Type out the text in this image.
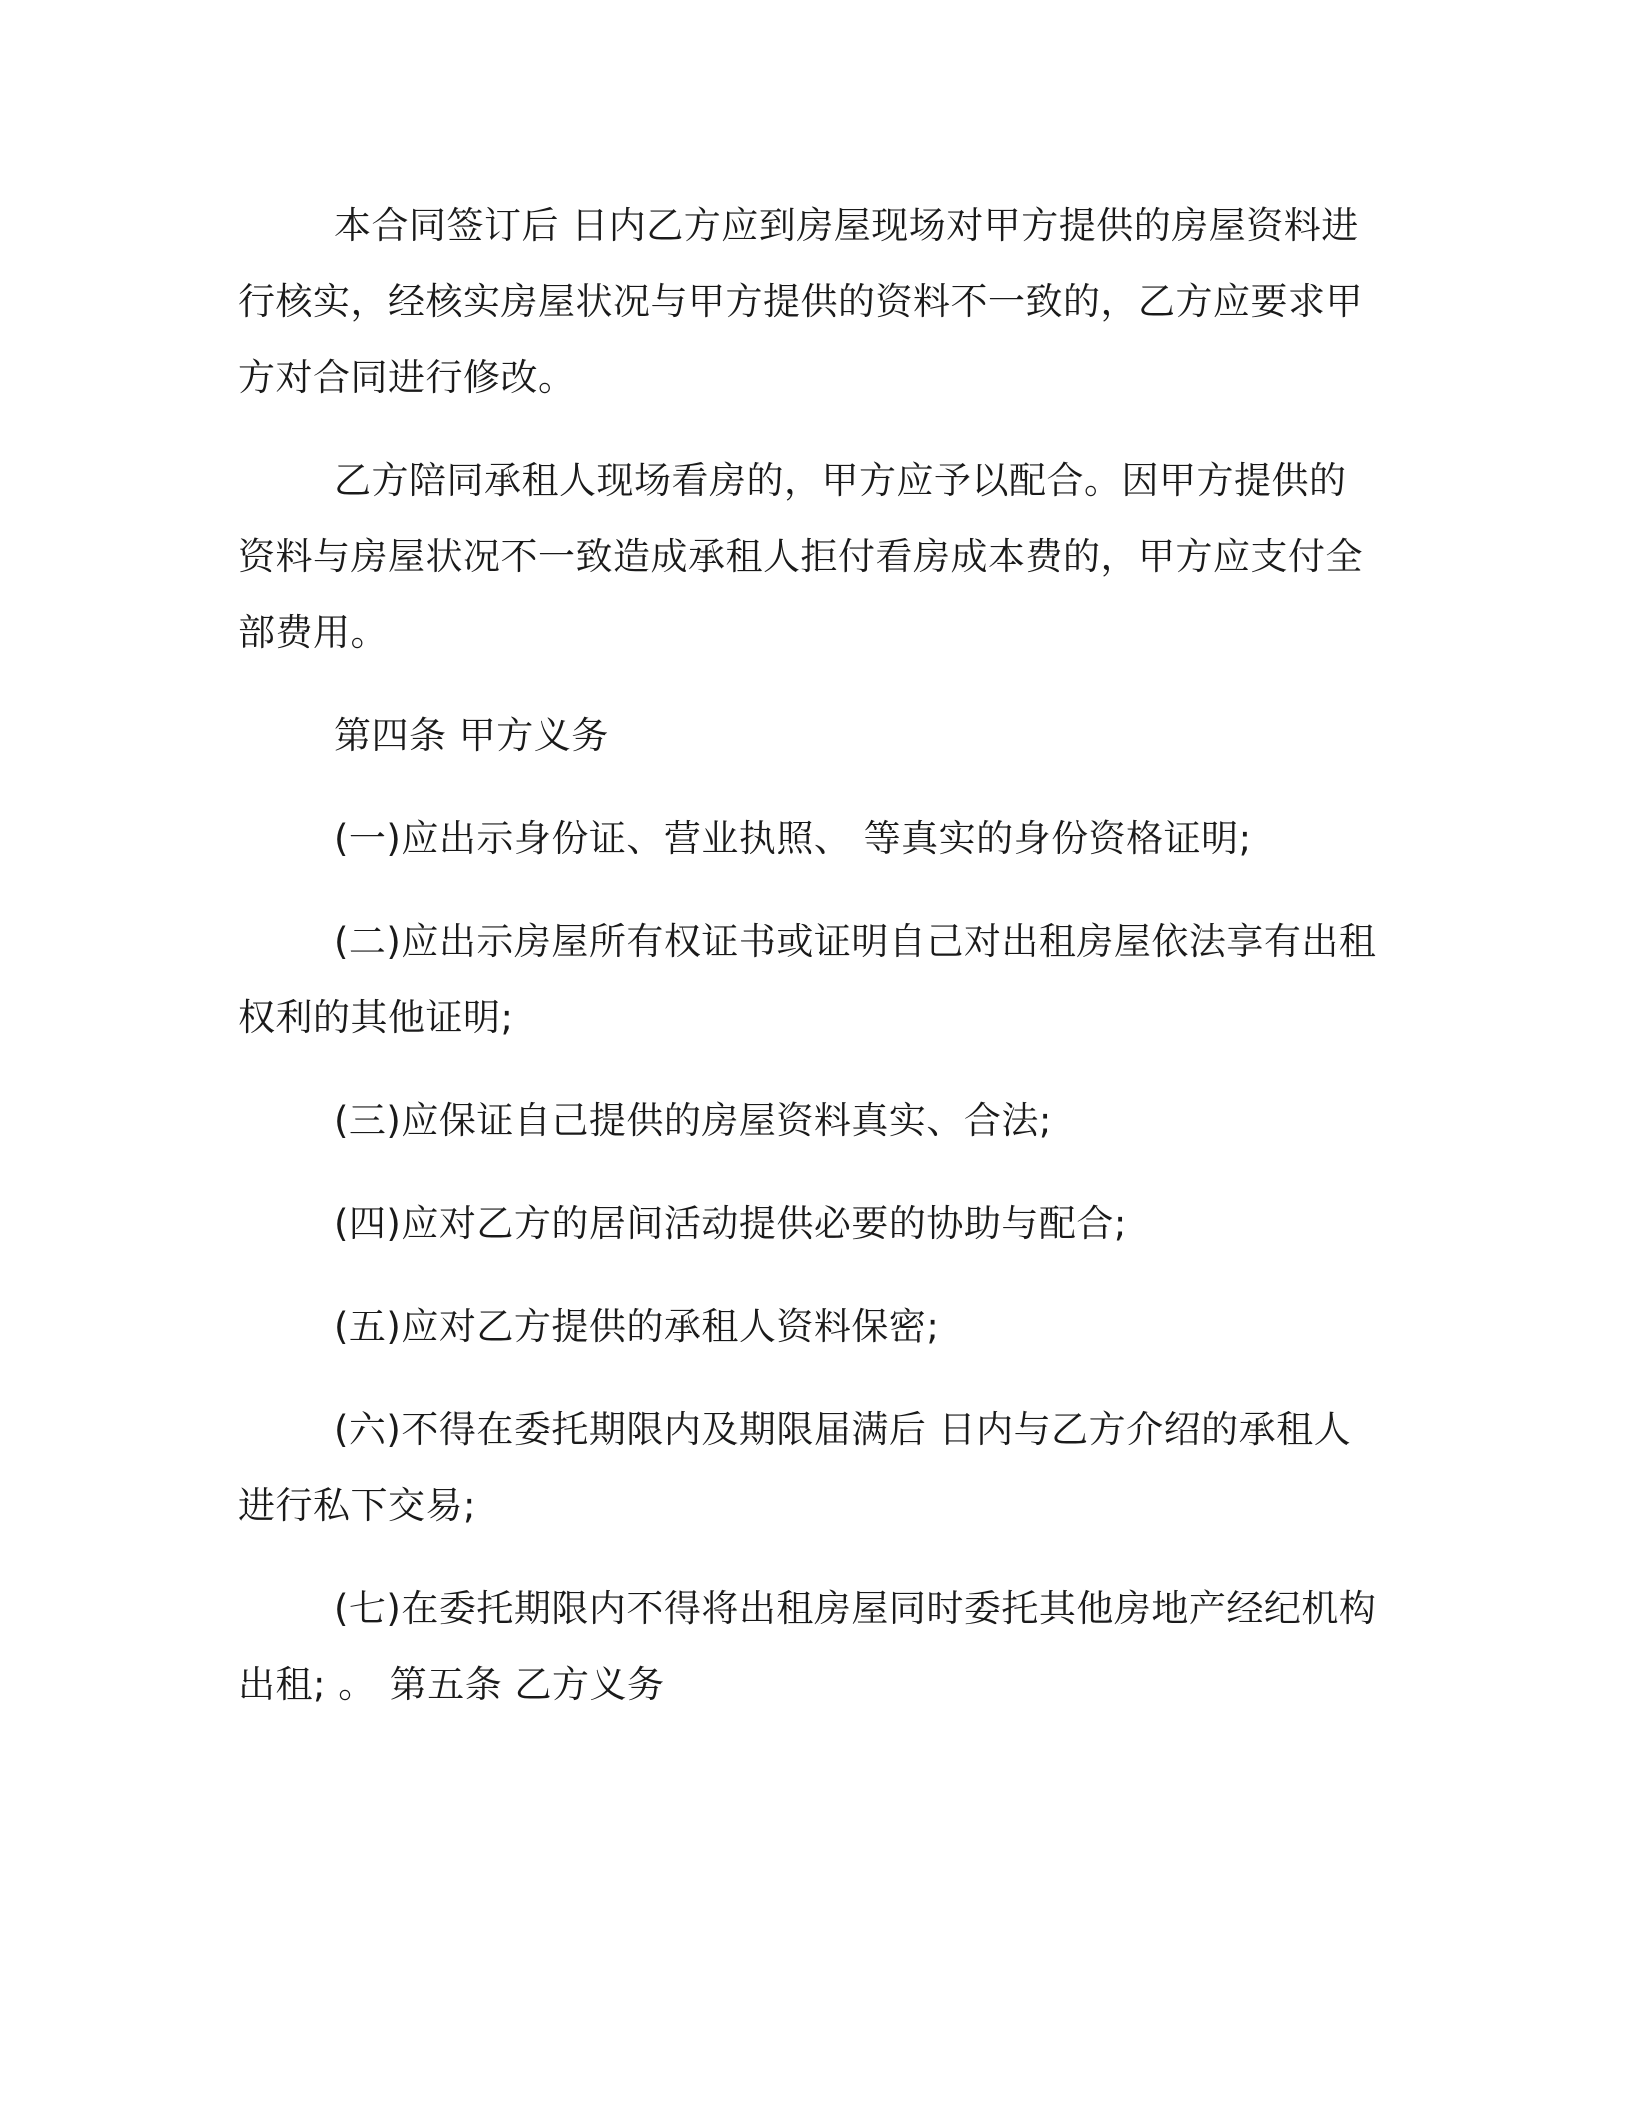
本合同签订后 日内乙方应到房屋现场对甲方提供的房屋资料进行核实，经核实房屋状况与甲方提供的资料不一致的，乙方应要求甲方对合同进行修改。

乙方陪同承租人现场看房的，甲方应予以配合。因甲方提供的资料与房屋状况不一致造成承租人拒付看房成本费的，甲方应支付全部费用。

第四条 甲方义务

(一)应出示身份证、营业执照、 等真实的身份资格证明;

(二)应出示房屋所有权证书或证明自己对出租房屋依法享有出租权利的其他证明;

(三)应保证自己提供的房屋资料真实、合法;

(四)应对乙方的居间活动提供必要的协助与配合;

(五)应对乙方提供的承租人资料保密;

(六)不得在委托期限内及期限届满后 日内与乙方介绍的承租人进行私下交易;

(七)在委托期限内不得将出租房屋同时委托其他房地产经纪机构出租; 。 第五条 乙方义务
